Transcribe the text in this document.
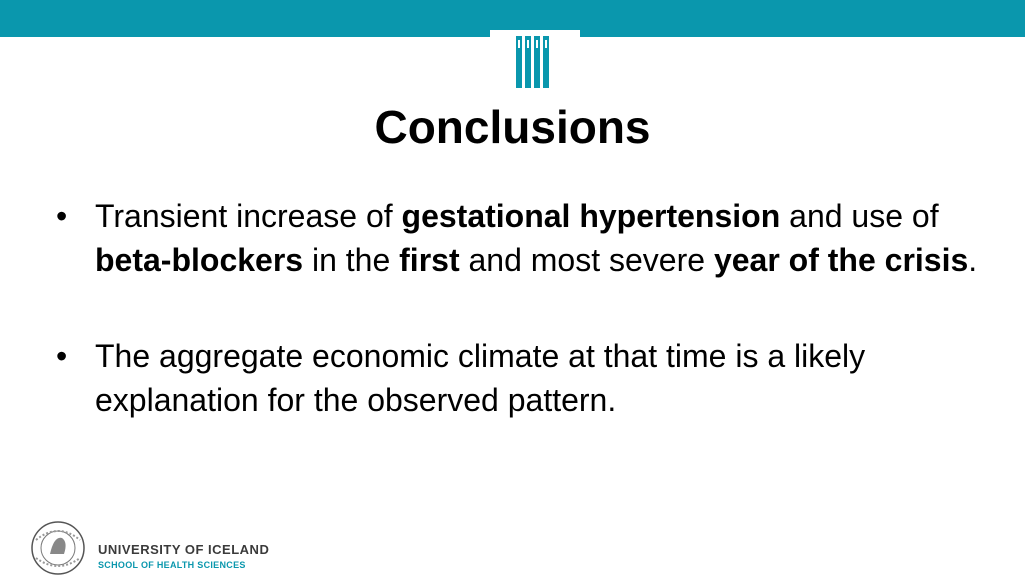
Conclusions
• Transient increase of gestational hypertension and use of beta-blockers in the first and most severe year of the crisis.
• The aggregate economic climate at that time is a likely explanation for the observed pattern.
UNIVERSITY OF ICELAND
SCHOOL OF HEALTH SCIENCES
